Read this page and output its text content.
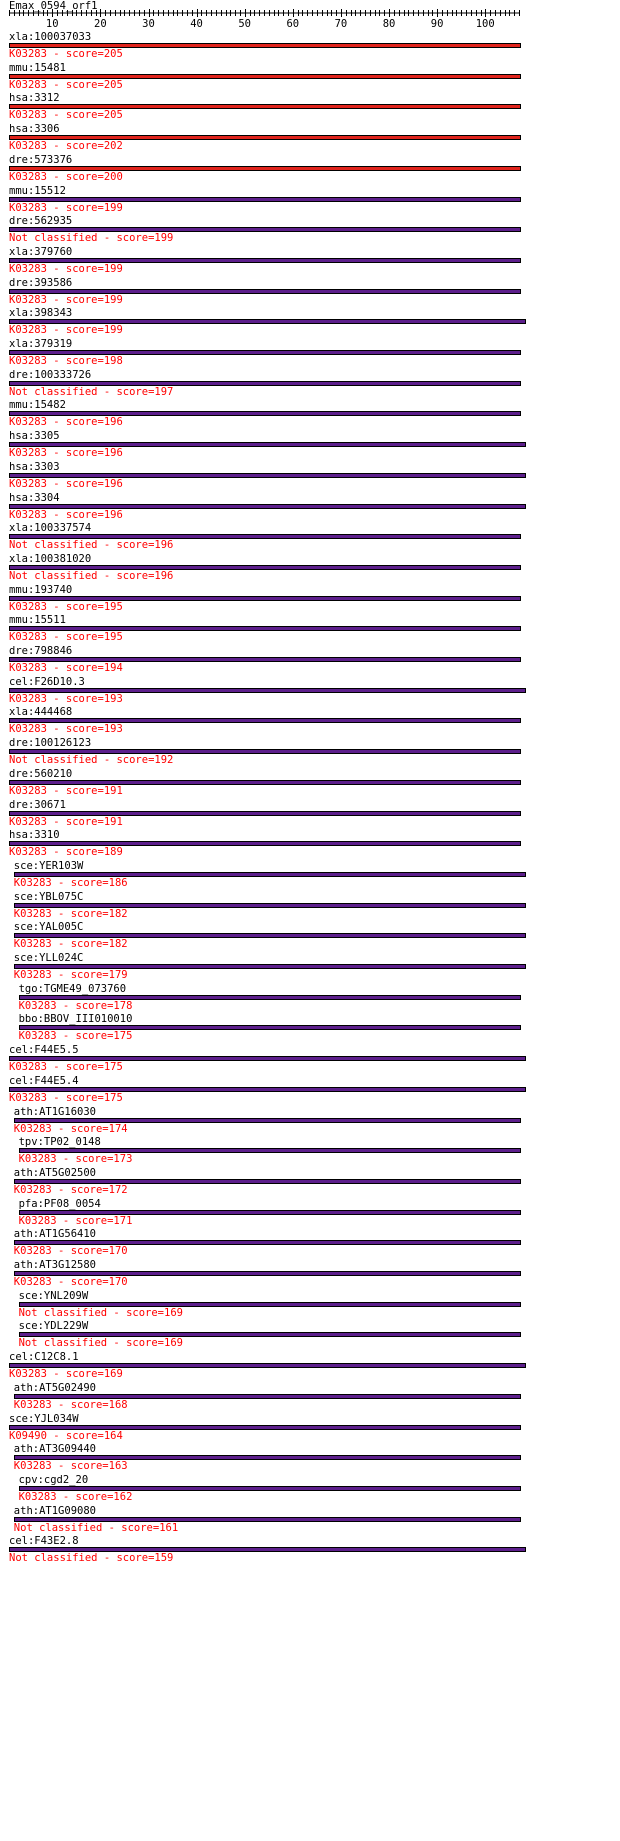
Emax_0594_orf1
10	20	30	40	50	60	70	80	90	100
xla:100037033
K03283 - score=205
mmu:15481
K03283 - score=205
hsa:3312
K03283 - score=205
hsa:3306
K03283 - score=202
dre:573376
K03283 - score=200
mmu:15512
K03283 - score=199
dre:562935
Not classified - score=199
xla:379760
K03283 - score=199
dre:393586
K03283 - score=199
xla:398343
K03283 - score=199
xla:379319
K03283 - score=198
dre:100333726
Not classified - score=197
mmu:15482
K03283 - score=196
hsa:3305
K03283 - score=196
hsa:3303
K03283 - score=196
hsa:3304
K03283 - score=196
xla:100337574
Not classified - score=196
xla:100381020
Not classified - score=196
mmu:193740
K03283 - score=195
mmu:15511
K03283 - score=195
dre:798846
K03283 - score=194
cel:F26D10.3
K03283 - score=193
xla:444468
K03283 - score=193
dre:100126123
Not classified - score=192
dre:560210
K03283 - score=191
dre:30671
K03283 - score=191
hsa:3310
K03283 - score=189
sce:YER103W
K03283 - score=186
sce:YBL075C
K03283 - score=182
sce:YAL005C
K03283 - score=182
sce:YLL024C
K03283 - score=179
tgo:TGME49_073760
K03283 - score=178
bbo:BBOV_III010010
K03283 - score=175
cel:F44E5.5
K03283 - score=175
cel:F44E5.4
K03283 - score=175
ath:AT1G16030
K03283 - score=174
tpv:TP02_0148
K03283 - score=173
ath:AT5G02500
K03283 - score=172
pfa:PF08_0054
K03283 - score=171
ath:AT1G56410
K03283 - score=170
ath:AT3G12580
K03283 - score=170
sce:YNL209W
Not classified - score=169
sce:YDL229W
Not classified - score=169
cel:C12C8.1
K03283 - score=169
ath:AT5G02490
K03283 - score=168
sce:YJL034W
K09490 - score=164
ath:AT3G09440
K03283 - score=163
cpv:cgd2_20
K03283 - score=162
ath:AT1G09080
Not classified - score=161
cel:F43E2.8
Not classified - score=159
